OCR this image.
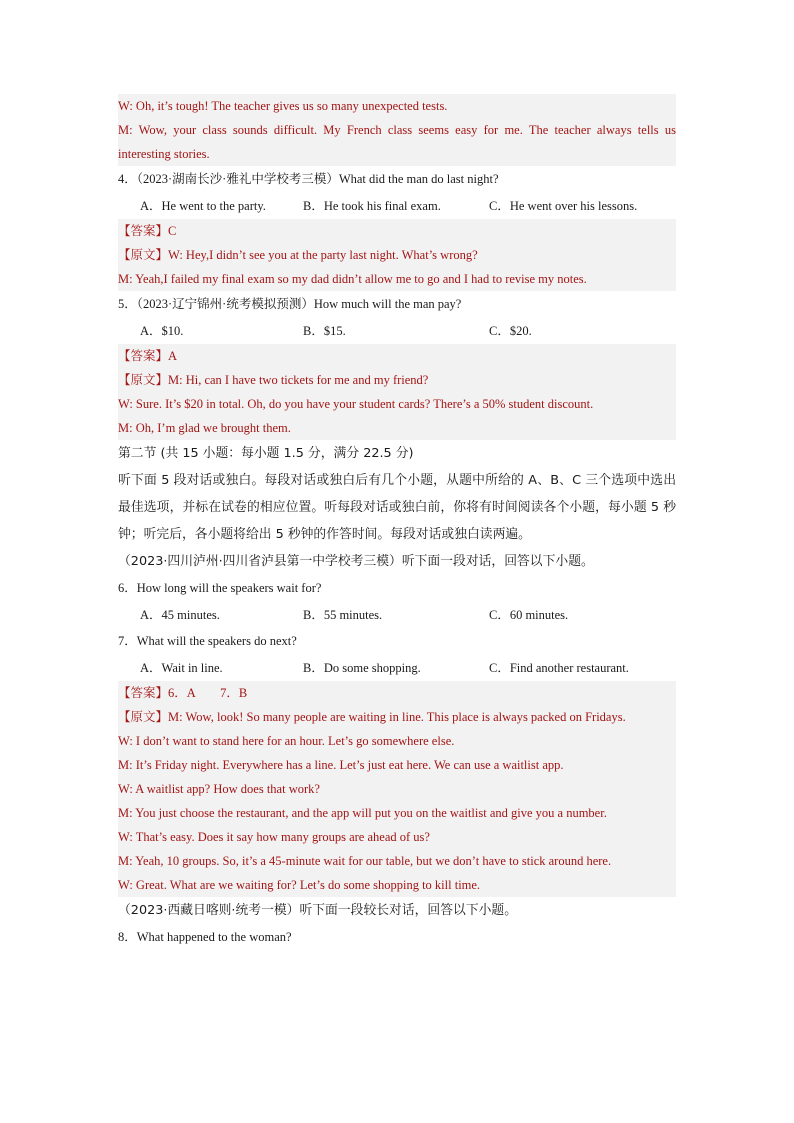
W: Oh, it’s tough! The teacher gives us so many unexpected tests.
M: Wow, your class sounds difficult. My French class seems easy for me. The teacher always tells us interesting stories.
4．（2023·湖南长沙·雅礼中学校考三模）What did the man do last night?
A．He went to the party.	B．He took his final exam.	C．He went over his lessons.
【答案】C
【原文】W: Hey,I didn’t see you at the party last night. What’s wrong?
M: Yeah,I failed my final exam so my dad didn’t allow me to go and I had to revise my notes.
5．（2023·辽宁锦州·统考模拟预测）How much will the man pay?
A．$10.	B．$15.	C．$20.
【答案】A
【原文】M: Hi, can I have two tickets for me and my friend?
W: Sure. It’s $20 in total. Oh, do you have your student cards? There’s a 50% student discount.
M: Oh, I’m glad we brought them.
第二节 (共 15 小题：每小题 1.5 分，满分 22.5 分)
听下面 5 段对话或独白。每段对话或独白后有几个小题，从题中所给的 A、B、C 三个选项中选出最佳选项，并标在试卷的相应位置。听每段对话或独白前，你将有时间阅读各个小题，每小题 5 秒钟；听完后，各小题将给出 5 秒钟的作答时间。每段对话或独白读两遍。
（2023·四川泸州·四川省泸县第一中学校考三模）听下面一段对话，回答以下小题。
6．How long will the speakers wait for?
A．45 minutes.	B．55 minutes.	C．60 minutes.
7．What will the speakers do next?
A．Wait in line.	B．Do some shopping.	C．Find another restaurant.
【答案】6．A　　7．B
【原文】M: Wow, look! So many people are waiting in line. This place is always packed on Fridays.
W: I don’t want to stand here for an hour. Let’s go somewhere else.
M: It’s Friday night. Everywhere has a line. Let’s just eat here. We can use a waitlist app.
W: A waitlist app? How does that work?
M: You just choose the restaurant, and the app will put you on the waitlist and give you a number.
W: That’s easy. Does it say how many groups are ahead of us?
M: Yeah, 10 groups. So, it’s a 45-minute wait for our table, but we don’t have to stick around here.
W: Great. What are we waiting for? Let’s do some shopping to kill time.
（2023·西藏日喀则·统考一模）听下面一段较长对话，回答以下小题。
8．What happened to the woman?
